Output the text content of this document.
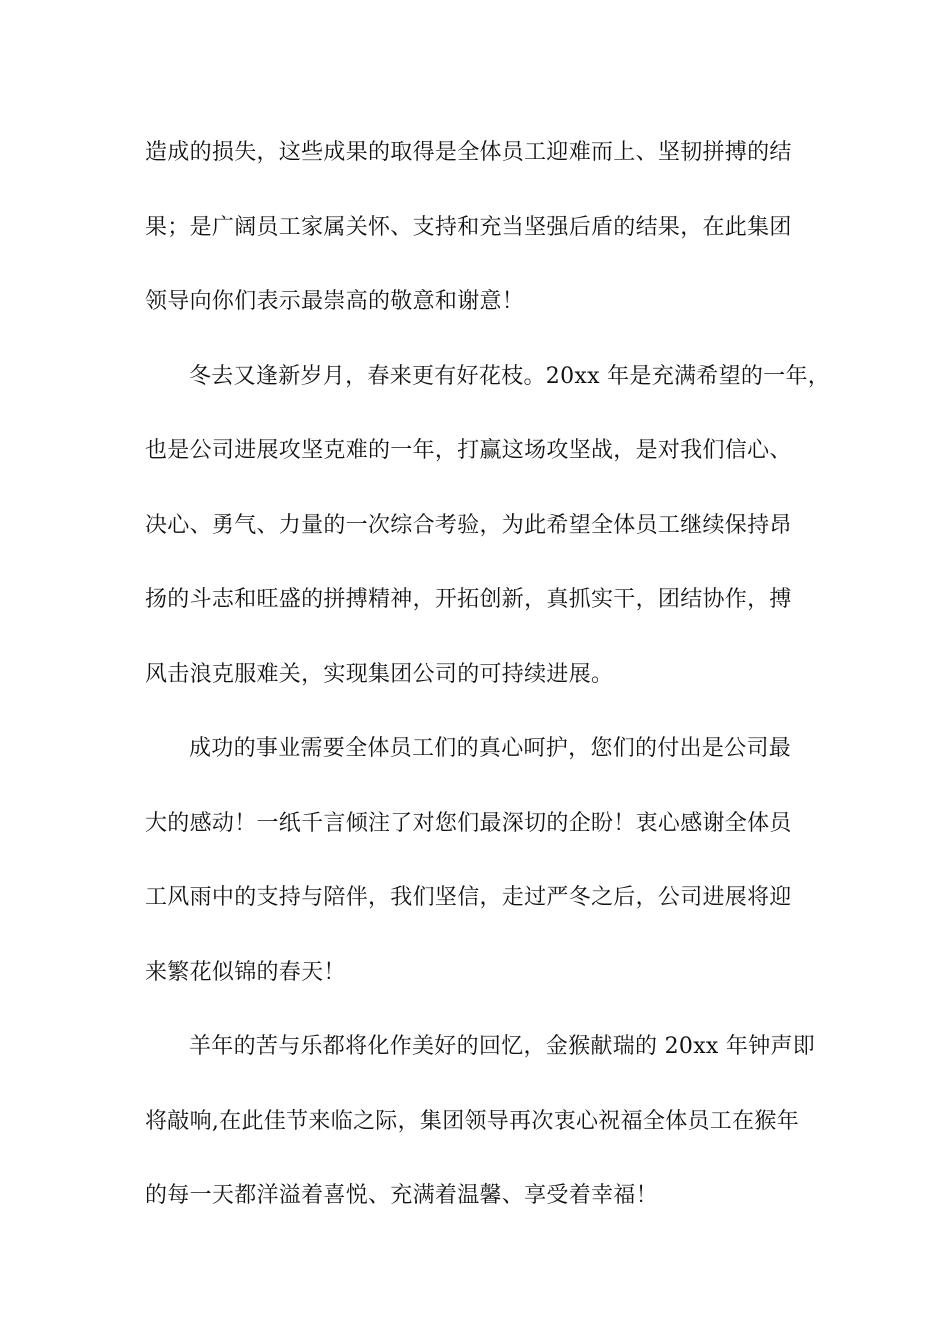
造成的损失，这些成果的取得是全体员工迎难而上、坚韧拼搏的结
果；是广阔员工家属关怀、支持和充当坚强后盾的结果，在此集团
领导向你们表示最崇高的敬意和谢意！
冬去又逢新岁月，春来更有好花枝。20xx 年是充满希望的一年，
也是公司进展攻坚克难的一年，打赢这场攻坚战，是对我们信心、
决心、勇气、力量的一次综合考验，为此希望全体员工继续保持昂
扬的斗志和旺盛的拼搏精神，开拓创新，真抓实干，团结协作，搏
风击浪克服难关，实现集团公司的可持续进展。
成功的事业需要全体员工们的真心呵护，您们的付出是公司最
大的感动！一纸千言倾注了对您们最深切的企盼！衷心感谢全体员
工风雨中的支持与陪伴，我们坚信，走过严冬之后，公司进展将迎
来繁花似锦的春天！
羊年的苦与乐都将化作美好的回忆，金猴献瑞的 20xx 年钟声即
将敲响,在此佳节来临之际，集团领导再次衷心祝福全体员工在猴年
的每一天都洋溢着喜悦、充满着温馨、享受着幸福！
